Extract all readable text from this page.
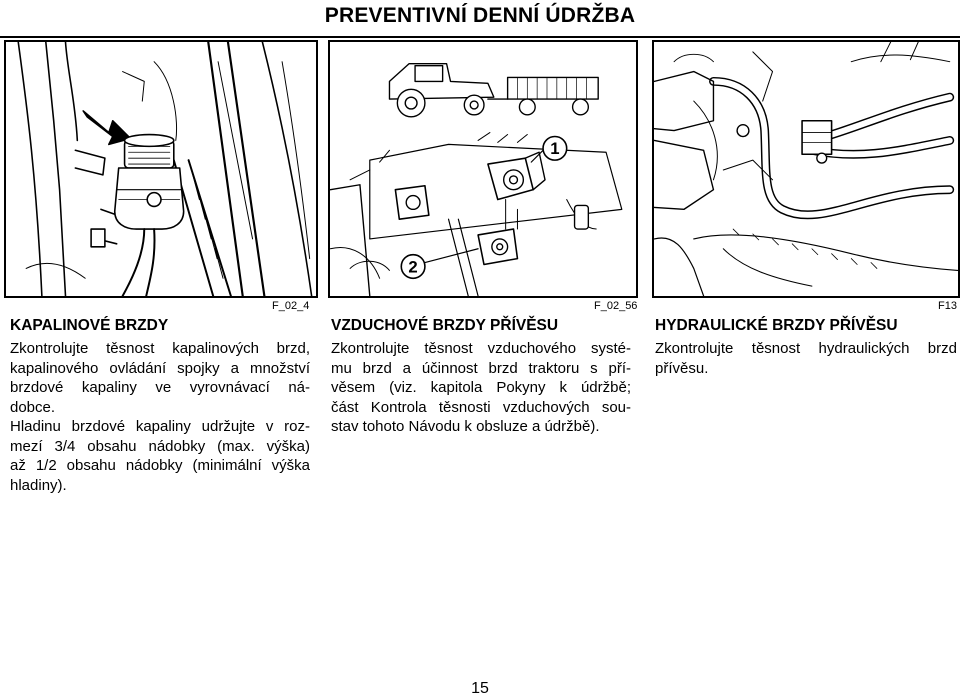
PREVENTIVNÍ DENNÍ ÚDRŽBA
1
2
F_02_4	F_02_56	F13
KAPALINOVÉ BRZDY

Zkontrolujte těsnost kapalinových brzd,
kapalinového ovládání spojky a množství
brzdové kapaliny ve vyrovnávací ná-
dobce.
Hladinu brzdové kapaliny udržujte v roz-
mezí 3/4 obsahu nádobky (max. výška)
až 1/2 obsahu nádobky (minimální výška
hladiny).

VZDUCHOVÉ BRZDY PŘÍVĚSU

Zkontrolujte těsnost vzduchového systé-
mu brzd a účinnost brzd traktoru s pří-
věsem (viz. kapitola Pokyny k údržbě;
část Kontrola těsnosti vzduchových sou-
stav tohoto Návodu k obsluze a údržbě).

HYDRAULICKÉ BRZDY PŘÍVĚSU

Zkontrolujte těsnost hydraulických brzd
přívěsu.

15
